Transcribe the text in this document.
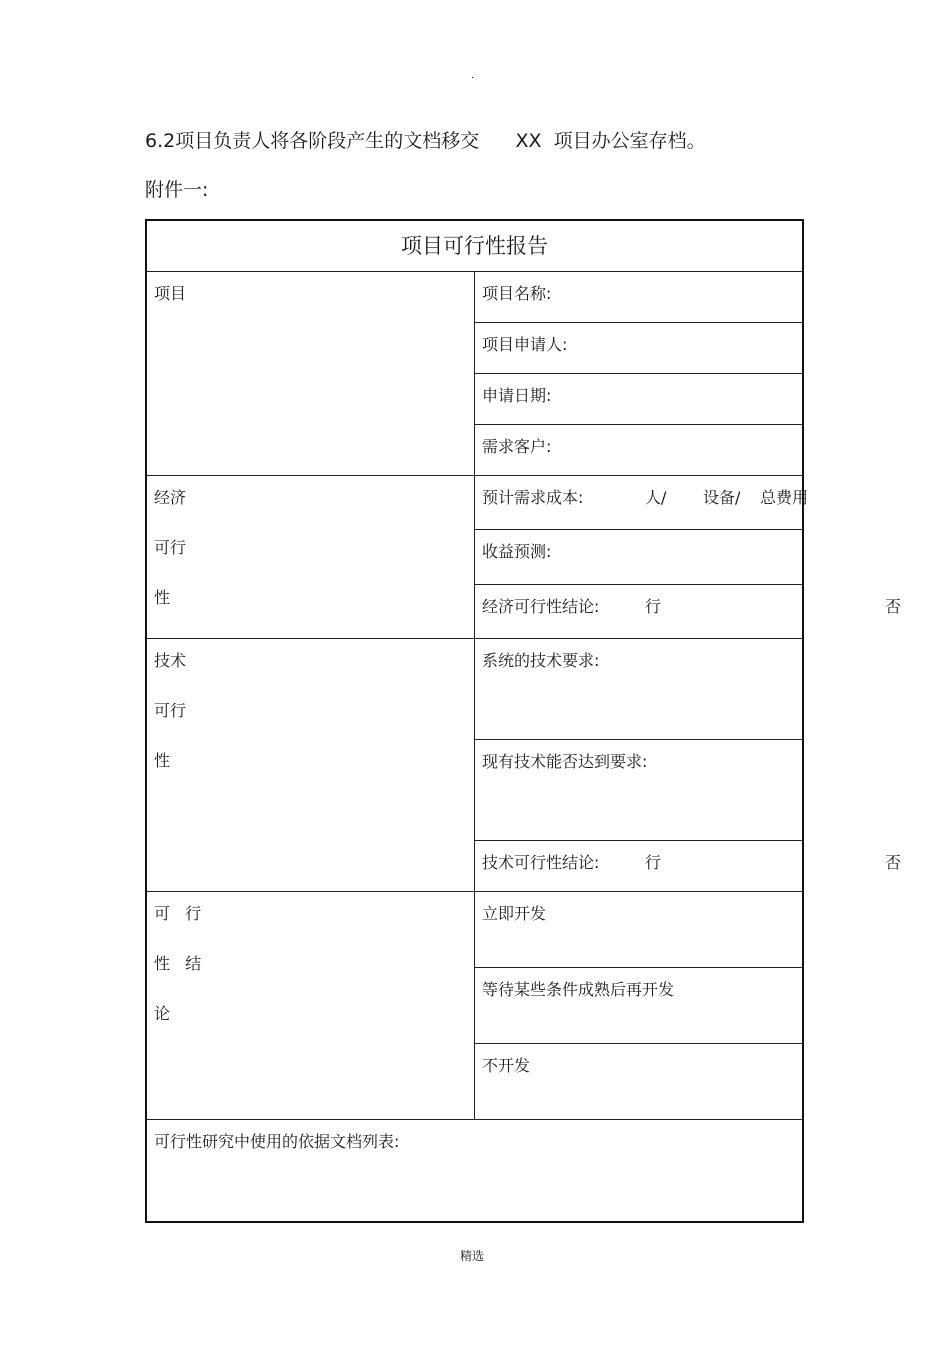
.
6.2项目负责人将各阶段产生的文档移交      XX  项目办公室存档。
附件一:
项目可行性报告	

项目	项目名称:
	项目申请人:
	申请日期:
	需求客户:

经济
可行
性	预计需求成本: 人/ 设备/ 总费用

	收益预测:
	经济可行性结论: 行 否

技术
可行
性	系统的技术要求:
	现有技术能否达到要求:
	技术可行性结论: 行 否

可   行
性   结
论	立即开发
	等待某些条件成熟后再开发
	不开发
可行性研究中使用的依据文档列表:	
精选
